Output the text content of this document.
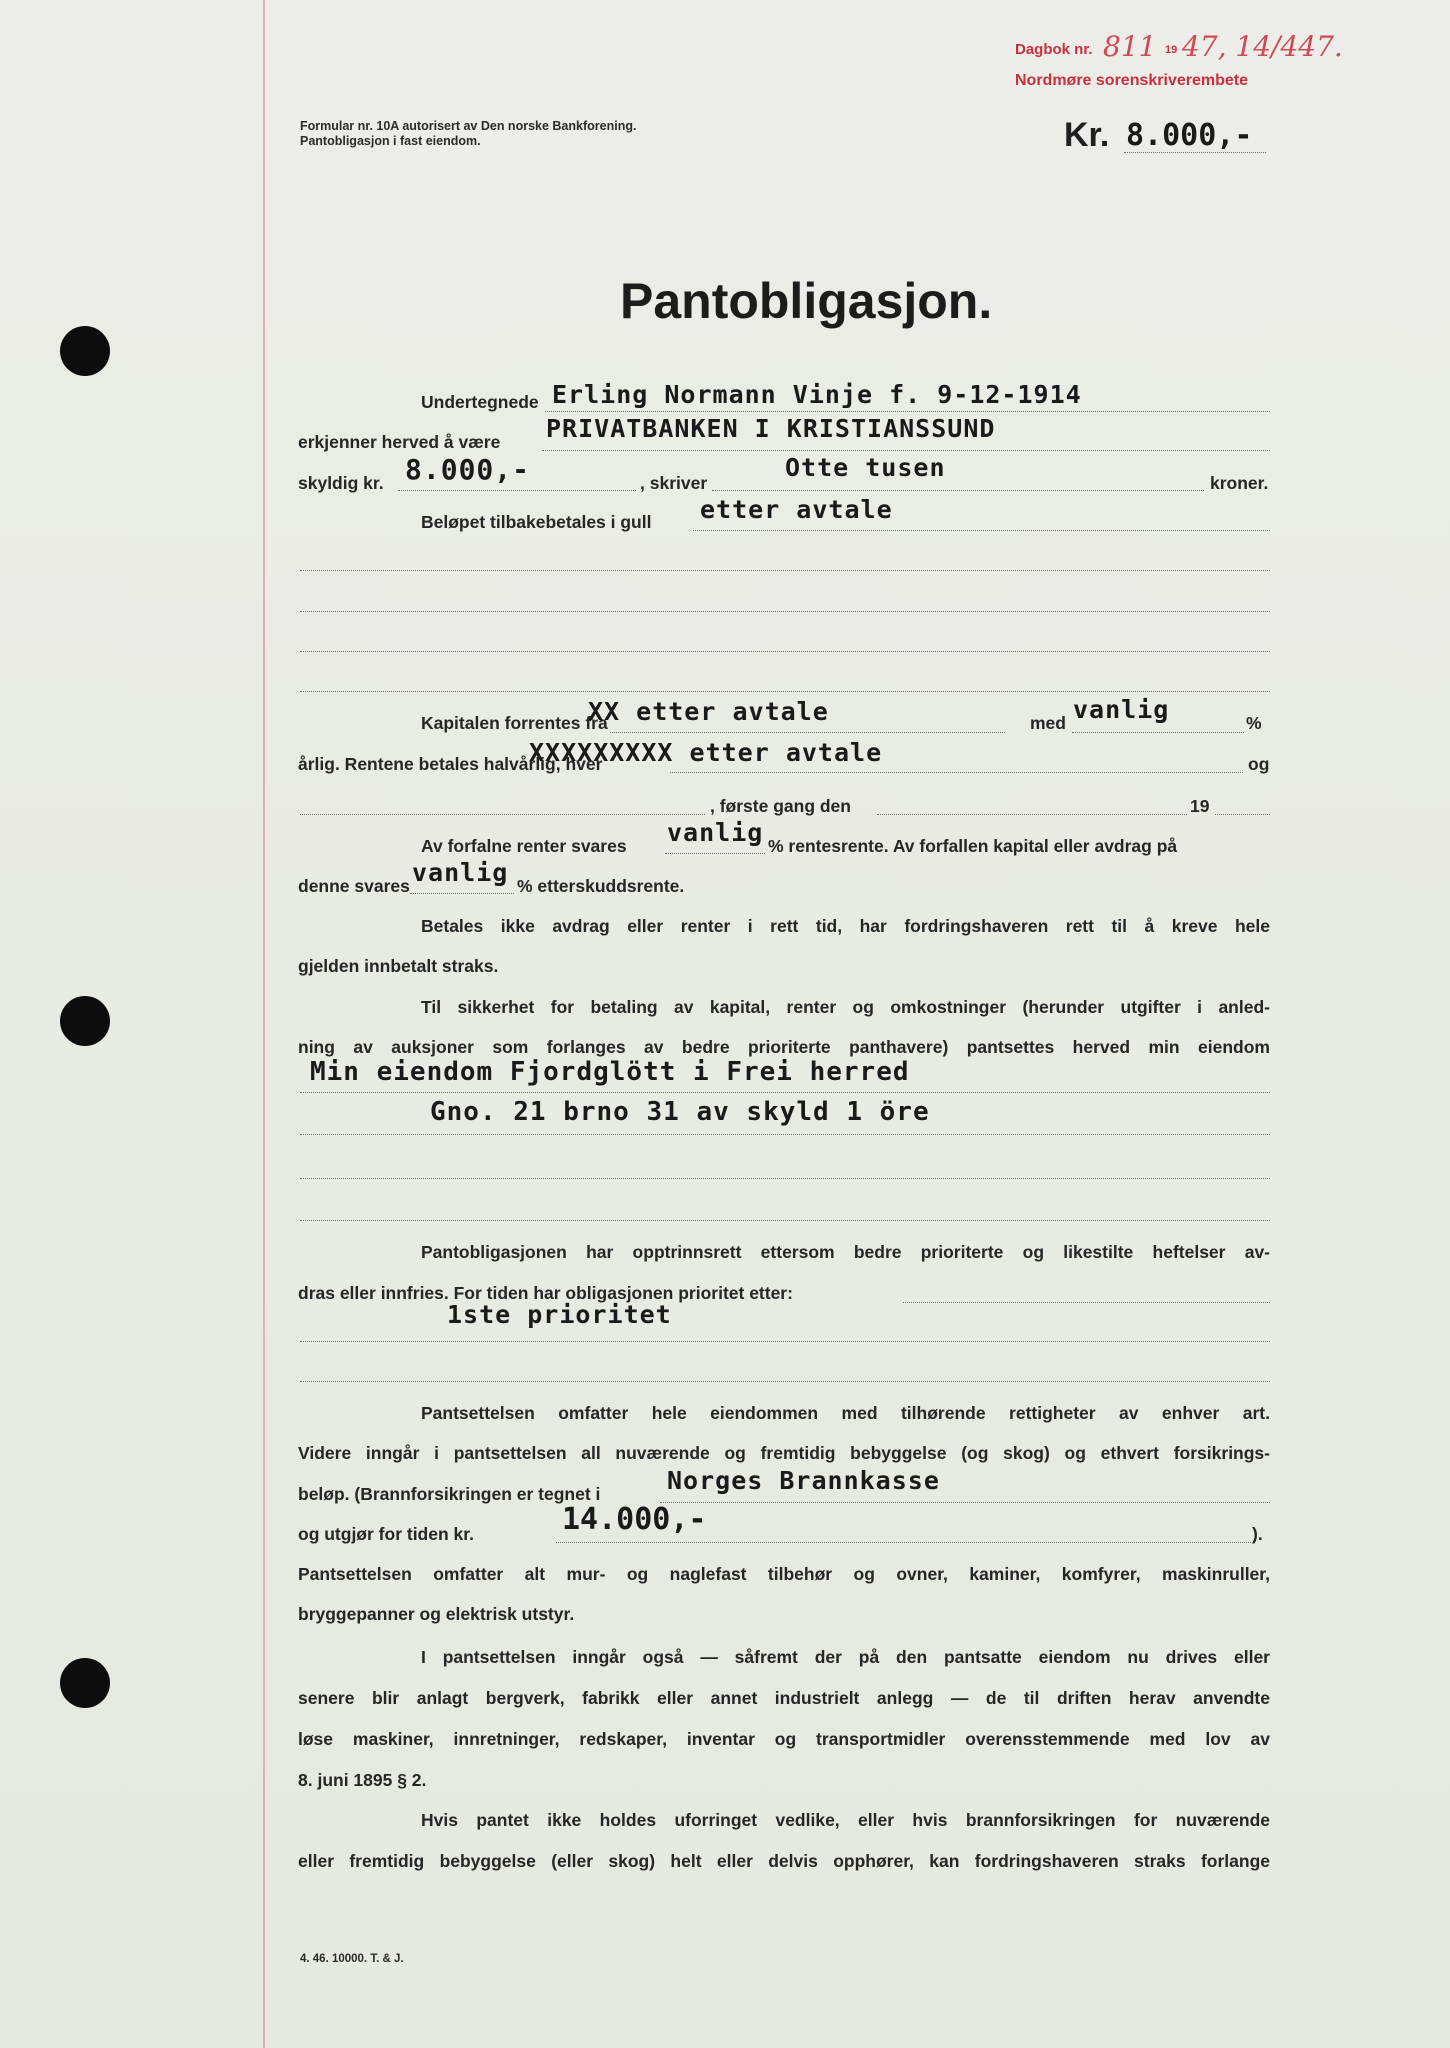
Dagbok nr. 811 19 47, 14/447.
Nordmøre sorenskriverembete
Formular nr. 10A autorisert av Den norske Bankforening.
Pantobligasjon i fast eiendom.	Kr. 8.000,-
Pantobligasjon.
Undertegnede Erling Normann Vinje f. 9-12-1914
erkjenner herved å være PRIVATBANKEN I KRISTIANSSUND
skyldig kr. 8.000,-	, skriver
Otte tusen
kroner.
Beløpet tilbakebetales i gull etter avtale
Kapitalen forrentes fra
XX etter avtale	med vanlig	%
årlig. Rentene betales halvårlig, hver
XXXXXXXXX etter avtale	og
, første gang den	19
Av forfalne renter svares vanlig % rentesrente. Av forfallen kapital eller avdrag på
denne svares vanlig % etterskuddsrente.
Betales ikke avdrag eller renter i rett tid, har fordringshaveren rett til å kreve hele
gjelden innbetalt straks.
Til sikkerhet for betaling av kapital, renter og omkostninger (herunder utgifter i anled-
ning av auksjoner som forlanges av bedre prioriterte panthavere) pantsettes herved min eiendom
Min eiendom Fjordglött i Frei herred
Gno. 21 brno 31 av skyld 1 öre
Pantobligasjonen har opptrinnsrett ettersom bedre prioriterte og likestilte heftelser av-
dras eller innfries. For tiden har obligasjonen prioritet etter:
1ste prioritet
Pantsettelsen omfatter hele eiendommen med tilhørende rettigheter av enhver art.
Videre inngår i pantsettelsen all nuværende og fremtidig bebyggelse (og skog) og ethvert forsikrings-
beløp. (Brannforsikringen er tegnet i	Norges Brannkasse
og utgjør for tiden kr.	14.000,-	).
Pantsettelsen omfatter alt mur- og naglefast tilbehør og ovner, kaminer, komfyrer, maskinruller,
bryggepanner og elektrisk utstyr.
I pantsettelsen inngår også — såfremt der på den pantsatte eiendom nu drives eller
senere blir anlagt bergverk, fabrikk eller annet industrielt anlegg — de til driften herav anvendte
løse maskiner, innretninger, redskaper, inventar og transportmidler overensstemmende med lov av
8. juni 1895 § 2.
Hvis pantet ikke holdes uforringet vedlike, eller hvis brannforsikringen for nuværende
eller fremtidig bebyggelse (eller skog) helt eller delvis opphører, kan fordringshaveren straks forlange
4. 46. 10000. T. & J.
